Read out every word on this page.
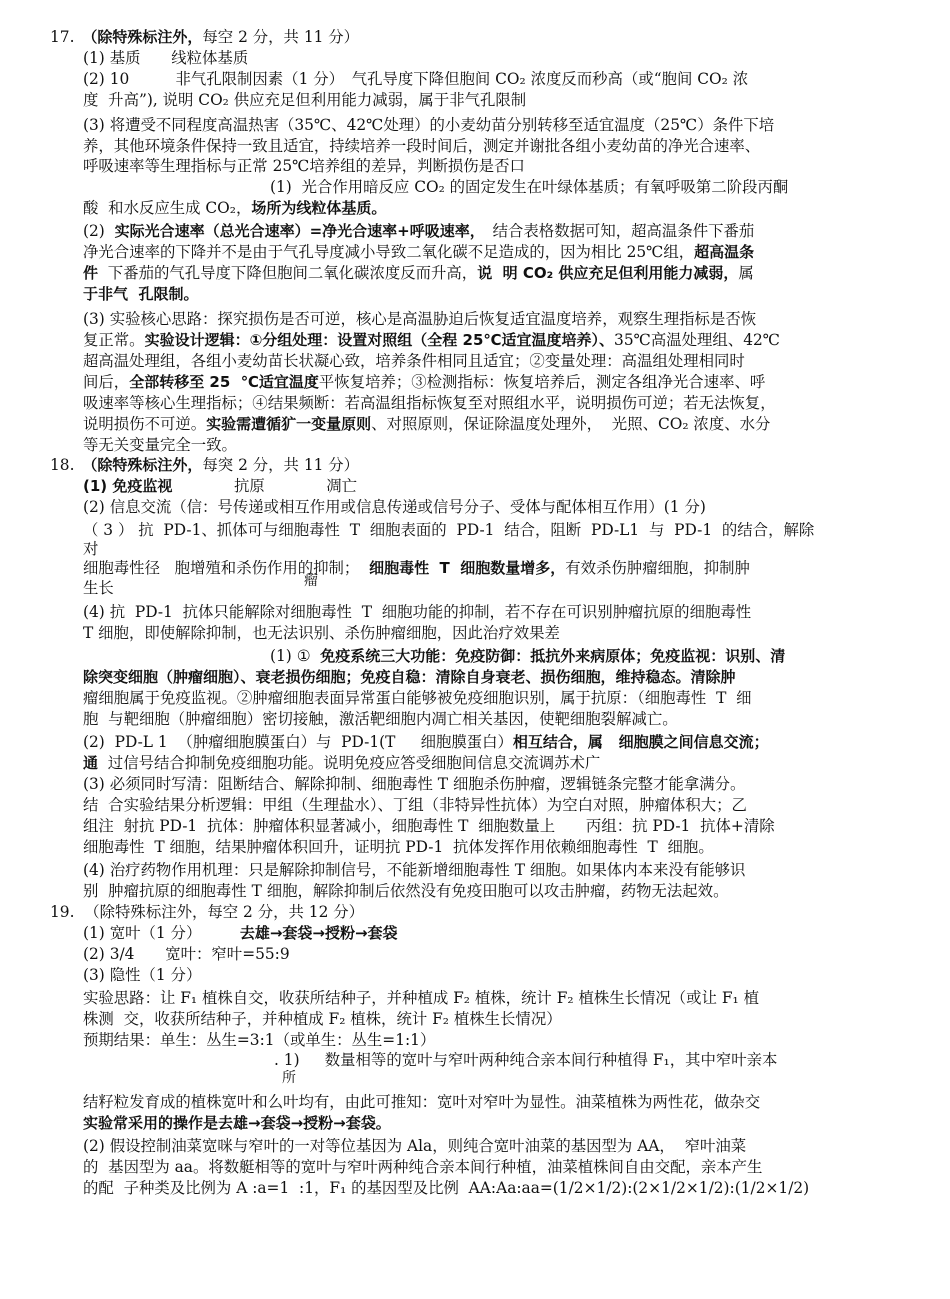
17.　（除特殊标注外，每空 2 分，共 11 分）
(1) 基质　　线粒体基质
(2) 10　　　非气孔限制因素（1 分）　气孔导度下降但胞间 CO₂ 浓度反而秒高（或“胞间 CO₂ 浓
度  升高”), 说明 CO₂ 供应充足但利用能力减弱，属于非气孔限制
(3) 将遭受不同程度高温热害（35℃、42℃处理）的小麦幼苗分别转移至适宜温度（25℃）条件下培
养，其他环境条件保持一致且适宜，持续培养一段时间后，测定并谢批各组小麦幼苗的净光合速率、
呼吸速率等生理指标与正常 25℃培养组的差异，判断损伤是否口
(1)  光合作用暗反应 CO₂ 的固定发生在叶绿体基质；有氧呼吸第二阶段丙酮
酸  和水反应生成 CO₂，场所为线粒体基质。
(2)  实际光合速率（总光合速率）=净光合速率+呼吸速率，　结合表格数据可知，超高温条件下番茄
净光合速率的下降并不是由于气孔导度减小导致二氧化碳不足造成的，因为相比 25℃组，超高温条
件  下番茄的气孔导度下降但胞间二氧化碳浓度反而升高，说  明 CO₂ 供应充足但利用能力减弱，属
于非气  孔限制。
(3) 实验核心思路：探究损伤是否可逆，核心是高温胁迫后恢复适宜温度培养，观察生理指标是否恢
复正常。实验设计逻辑：①分组处理：设置对照组（全程 25℃适宜温度培养）、35℃高温处理组、42℃
超高温处理组，各组小麦幼苗长状凝心致，培养条件相同且适宜；②变量处理：高温组处理相同时
间后，全部转移至 25  ℃适宜温度平恢复培养；③检测指标：恢复培养后，测定各组净光合速率、呼
吸速率等核心生理指标；④结果频断：若高温组指标恢复至对照组水平，说明损伤可逆；若无法恢复，
说明损伤不可逆。实验需遭循犷一变量原则、对照原则，保证除温度处理外，  光照、CO₂ 浓度、水分
等无关变量完全一致。
18.　（除特殊标注外，每突 2 分，共 11 分）
(1) 免疫监视　　　　抗原　　　　凋亡
(2) 信息交流（信：号传递或相互作用或信息传递或信号分子、受体与配体相互作用）(1 分)
（ 3 ） 抗  PD-1、抓体可与细胞毒性  T  细胞表面的  PD-1  结合，阻断  PD-L1  与  PD-1  的结合，解除
对
细胞毒性径   胞增殖和杀伤作用的抑制；  细胞毒性  T  细胞数量增多，有效杀伤肿瘤细胞，抑制肿
瘤
生长
(4) 抗  PD-1  抗体只能解除对细胞毒性  T  细胞功能的抑制，若不存在可识别肿瘤抗原的细胞毒性
T 细胞，即使解除抑制，也无法识别、杀伤肿瘤细胞，因此治疗效果差
(1) ①  免疫系统三大功能：免疫防御：抵抗外来病原体；免疫监视：识别、清
除突变细胞（肿瘤细胞）、衰老损伤细胞；免疫自稳：清除自身衰老、损伤细胞，维持稳态。清除肿
瘤细胞属于免疫监视。②肿瘤细胞表面异常蛋白能够被免疫细胞识别，属于抗原：（细胞毒性  T  细
胞  与靶细胞（肿瘤细胞）密切接触，激活靶细胞内凋亡相关基因，使靶细胞裂解减亡。
(2)  PD-L 1  （肿瘤细胞膜蛋白）与  PD-1(T　  细胞膜蛋白）相互结合，属   细胞膜之间信息交流；
通  过信号结合抑制免疫细胞功能。说明免疫应答受细胞间信息交流调苏术广
(3) 必须同时写清：阻断结合、解除抑制、细胞毒性 T 细胞杀伤肿瘤，逻辑链条完整才能拿满分。
结  合实验结果分析逻辑：甲组（生理盐水）、丁组（非特异性抗体）为空白对照，肿瘤体积大；乙
组注  射抗 PD-1  抗体：肿瘤体积显著减小，细胞毒性 T  细胞数量上　　丙组：抗 PD-1  抗体+清除
细胞毒性  T 细胞，结果肿瘤体积回升，证明抗 PD-1  抗体发挥作用依赖细胞毒性  T  细胞。
(4) 治疗药物作用机理：只是解除抑制信号，不能新增细胞毒性 T 细胞。如果体内本来没有能够识
别  肿瘤抗原的细胞毒性 T 细胞，解除抑制后依然没有免疫田胞可以攻击肿瘤，药物无法起效。
19.  （除特殊标注外，每空 2 分，共 12 分）
(1) 宽叶（1 分）　　　去雄→套袋→授粉→套袋
(2) 3/4　　宽叶：窄叶=55:9
(3) 隐性（1 分）
实验思路：让 F₁ 植株自交，收获所结种子，并种植成 F₂ 植株，统计 F₂ 植株生长情况（或让 F₁ 植
株测  交，收获所结种子，并种植成 F₂ 植株，统计 F₂ 植株生长情况）
预期结果：单生：丛生=3:1（或单生：丛生=1:1）
. 1)　  数量相等的宽叶与窄叶两种纯合亲本间行种植得 F₁，其中窄叶亲本
所
结籽粒发育成的植株宽叶和么叶均有，由此可推知：宽叶对窄叶为显性。油菜植株为两性花，做杂交
实验常采用的操作是去雄→套袋→授粉→套袋。
(2) 假设控制油菜宽咪与窄叶的一对等位基因为 Ala，则纯合宽叶油菜的基因型为 AA，  窄叶油菜
的  基因型为 aa。将数艇相等的宽叶与窄叶两种纯合亲本间行种植，油菜植株间自由交配，亲本产生
的配  子种类及比例为 A :a=1  :1，F₁ 的基因型及比例  AA:Aa:aa=(1/2×1/2):(2×1/2×1/2):(1/2×1/2)
